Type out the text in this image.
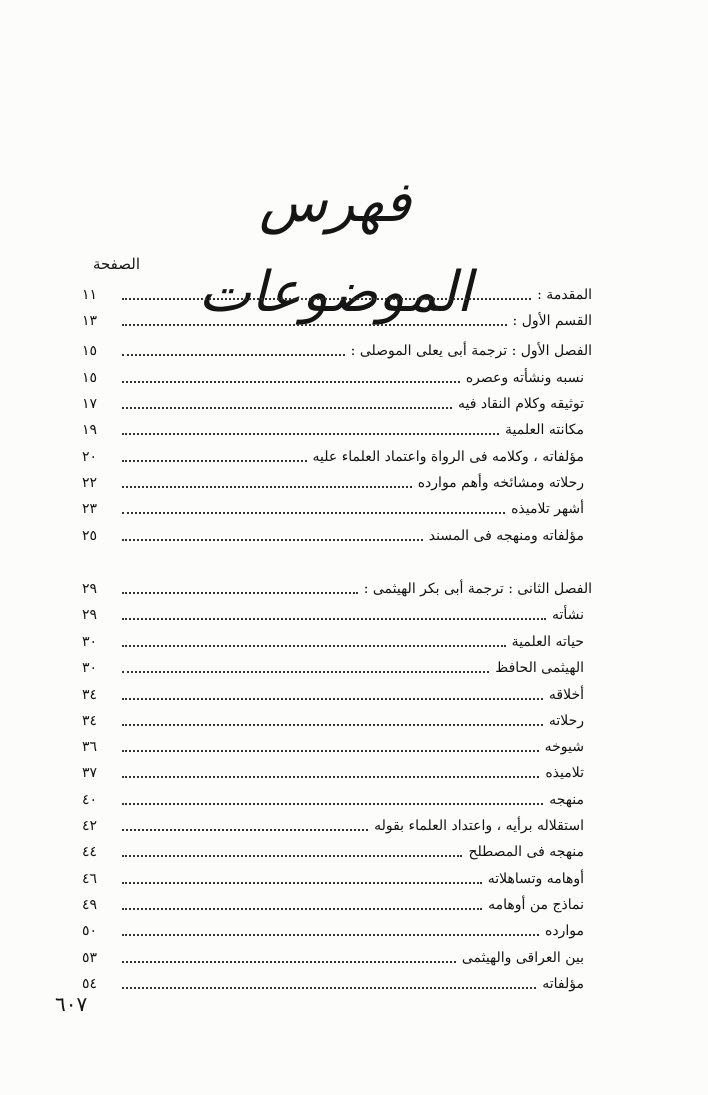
فهرس الموضوعات
الصفحة
المقدمة :
١١
القسم الأول :
١٣
الفصل الأول : ترجمة أبى يعلى الموصلى :
١٥
نسبه ونشأته وعصره
١٥
توثيقه وكلام النقاد فيه
١٧
مكانته العلمية
١٩
مؤلفاته ، وكلامه فى الرواة واعتماد العلماء عليه
٢٠
رحلاته ومشائخه وأهم موارده
٢٢
أشهر تلاميذه
٢٣
مؤلفاته ومنهجه فى المسند
٢٥
الفصل الثانى : ترجمة أبى بكر الهيثمى :
٢٩
نشأته
٢٩
حياته العلمية
٣٠
الهيثمى الحافظ
٣٠
أخلاقه
٣٤
رحلاته
٣٤
شيوخه
٣٦
تلاميذه
٣٧
منهجه
٤٠
استقلاله برأيه ، واعتداد العلماء بقوله
٤٢
منهجه فى المصطلح
٤٤
أوهامه وتساهلاته
٤٦
نماذج من أوهامه
٤٩
موارده
٥٠
بين العراقى والهيثمى
٥٣
مؤلفاته
٥٤
٦٠٧
